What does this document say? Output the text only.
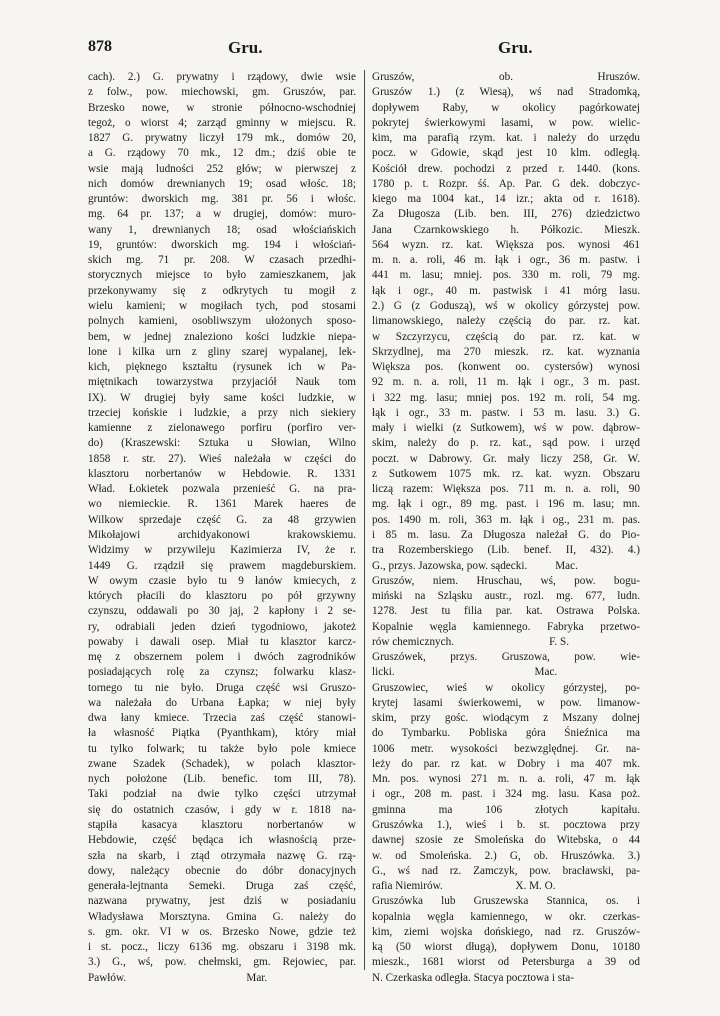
878	Gru.	Gru.
cach). 2.) G. prywatny i rządowy, dwie wsie
z folw., pow. miechowski, gm. Gruszów, par.
Brzesko nowe, w stronie północno-wschodniej
tegoż, o wiorst 4; zarząd gminny w miejscu. R.
1827 G. prywatny liczył 179 mk., domów 20,
a G. rządowy 70 mk., 12 dm.; dziś obie te
wsie mają ludności 252 głów; w pierwszej z
nich domów drewnianych 19; osad włośc. 18;
gruntów: dworskich mg. 381 pr. 56 i włośc.
mg. 64 pr. 137; a w drugiej, domów: muro-
wany 1, drewnianych 18; osad włościańskich
19, gruntów: dworskich mg. 194 i włościań-
skich mg. 71 pr. 208. W czasach przedhi-
storycznych miejsce to było zamieszkanem, jak
przekonywamy się z odkrytych tu mogił z
wielu kamieni; w mogiłach tych, pod stosami
polnych kamieni, osobliwszym ułożonych sposo-
bem, w jednej znaleziono kości ludzkie niepa-
lone i kilka urn z gliny szarej wypalanej, lek-
kich, pięknego kształtu (rysunek ich w Pa-
miętnikach towarzystwa przyjaciół Nauk tom
IX). W drugiej były same kości ludzkie, w
trzeciej końskie i ludzkie, a przy nich siekiery
kamienne z zielonawego porfiru (porfiro ver-
do) (Kraszewski: Sztuka u Słowian, Wilno
1858 r. str. 27). Wieś należała w części do
klasztoru norbertanów w Hebdowie. R. 1331
Wład. Łokietek pozwala przenieść G. na pra-
wo niemieckie. R. 1361 Marek haeres de
Wilkow sprzedaje część G. za 48 grzywien
Mikołajowi archidyakonowi krakowskiemu.
Widzimy w przywileju Kazimierza IV, że r.
1449 G. rządził się prawem magdeburskiem.
W owym czasie było tu 9 łanów kmiecych, z
których płacili do klasztoru po pół grzywny
czynszu, oddawali po 30 jaj, 2 kapłony i 2 se-
ry, odrabiali jeden dzień tygodniowo, jakoteż
powaby i dawali osep. Miał tu klasztor karcz-
mę z obszernem polem i dwóch zagrodników
posiadających rolę za czynsz; folwarku klasz-
tornego tu nie było. Druga część wsi Gruszo-
wa należała do Urbana Łapka; w niej były
dwa łany kmiece. Trzecia zaś część stanowi-
ła własność Piątka (Pyanthkam), który miał
tu tylko folwark; tu także było pole kmiece
zwane Szadek (Schadek), w polach klasztor-
nych położone (Lib. benefic. tom III, 78).
Taki podział na dwie tylko części utrzymał
się do ostatnich czasów, i gdy w r. 1818 na-
stąpiła kasacya klasztoru norbertanów w
Hebdowie, część będąca ich własnością prze-
szła na skarb, i ztąd otrzymała nazwę G. rzą-
dowy, należący obecnie do dóbr donacyjnych
generała-lejtnanta Semeki. Druga zaś część,
nazwana prywatny, jest dziś w posiadaniu
Władysława Morsztyna. Gmina G. należy do
s. gm. okr. VI w os. Brzesko Nowe, gdzie też
i st. pocz., liczy 6136 mg. obszaru i 3198 mk.
3.) G., wś, pow. chełmski, gm. Rejowiec, par.
Pawłów.                                           Mar.
Gruszów, ob. Hruszów.
Gruszów 1.) (z Wiesą), wś nad Stradomką,
dopływem Raby, w okolicy pagórkowatej
pokrytej świerkowymi lasami, w pow. wielic-
kim, ma parafią rzym. kat. i należy do urzędu
pocz. w Gdowie, skąd jest 10 klm. odległą.
Kościół drew. pochodzi z przed r. 1440. (kons.
1780 p. t. Rozpr. śś. Ap. Par. G dek. dobczyc-
kiego ma 1004 kat., 14 izr.; akta od r. 1618).
Za Długosza (Lib. ben. III, 276) dziedzictwo
Jana Czarnkowskiego h. Półkozic. Mieszk.
564 wyzn. rz. kat. Większa pos. wynosi 461
m. n. a. roli, 46 m. łąk i ogr., 36 m. pastw. i
441 m. lasu; mniej. pos. 330 m. roli, 79 mg.
łąk i ogr., 40 m. pastwisk i 41 mórg lasu.
2.) G (z Goduszą), wś w okolicy górzystej pow.
limanowskiego, należy częścią do par. rz. kat.
w Szczyrzycu, częścią do par. rz. kat. w
Skrzydlnej, ma 270 mieszk. rz. kat. wyznania
Większa pos. (konwent oo. cystersów) wynosi
92 m. n. a. roli, 11 m. łąk i ogr., 3 m. past.
i 322 mg. lasu; mniej pos. 192 m. roli, 54 mg.
łąk i ogr., 33 m. pastw. i 53 m. lasu. 3.) G.
mały i wielki (z Sutkowem), wś w pow. dąbrow-
skim, należy do p. rz. kat., sąd pow. i urzęd
poczt. w Dabrowy. Gr. mały liczy 258, Gr. W.
z Sutkowem 1075 mk. rz. kat. wyzn. Obszaru
liczą razem: Większa pos. 711 m. n. a. roli, 90
mg. łąk i ogr., 89 mg. past. i 196 m. lasu; mn.
pos. 1490 m. roli, 363 m. łąk i og., 231 m. pas.
i 85 m. lasu. Za Długosza należał G. do Pio-
tra Rozemberskiego (Lib. benef. II, 432). 4.)
G., przys. Jazowska, pow. sądecki.          Mac.
Gruszów, niem. Hruschau, wś, pow. bogu-
miński na Szląsku austr., rozl. mg. 677, ludn.
1278. Jest tu filia par. kat. Ostrawa Polska.
Kopalnie węgla kamiennego. Fabryka przetwo-
rów chemicznych.                                  F. S.
Gruszówek, przys. Gruszowa, pow. wie-
licki.                                                  Mac.
Gruszowiec, wieś w okolicy górzystej, po-
krytej lasami świerkowemi, w pow. limanow-
skim, przy gośc. wiodącym z Mszany dolnej
do Tymbarku. Pobliska góra Śnieźnica ma
1006 metr. wysokości bezwzględnej. Gr. na-
leży do par. rz kat. w Dobry i ma 407 mk.
Mn. pos. wynosi 271 m. n. a. roli, 47 m. łąk
i ogr., 208 m. past. i 324 mg. lasu. Kasa poż.
gminna ma 106 złotych kapitału.
Gruszówka 1.), wieś i b. st. pocztowa przy
dawnej szosie ze Smoleńska do Witebska, o 44
w. od Smoleńska. 2.) G, ob. Hruszówka. 3.)
G., wś nad rz. Zamczyk, pow. bracławski, pa-
rafia Niemirów.                          X. M. O.
Gruszówka lub Gruszewska Stannica, os. i
kopalnia węgla kamiennego, w okr. czerkas-
kim, ziemi wojska dońskiego, nad rz. Gruszów-
ką (50 wiorst długą), dopływem Donu, 10180
mieszk., 1681 wiorst od Petersburga a 39 od
N. Czerkaska odległa. Stacya pocztowa i sta-
